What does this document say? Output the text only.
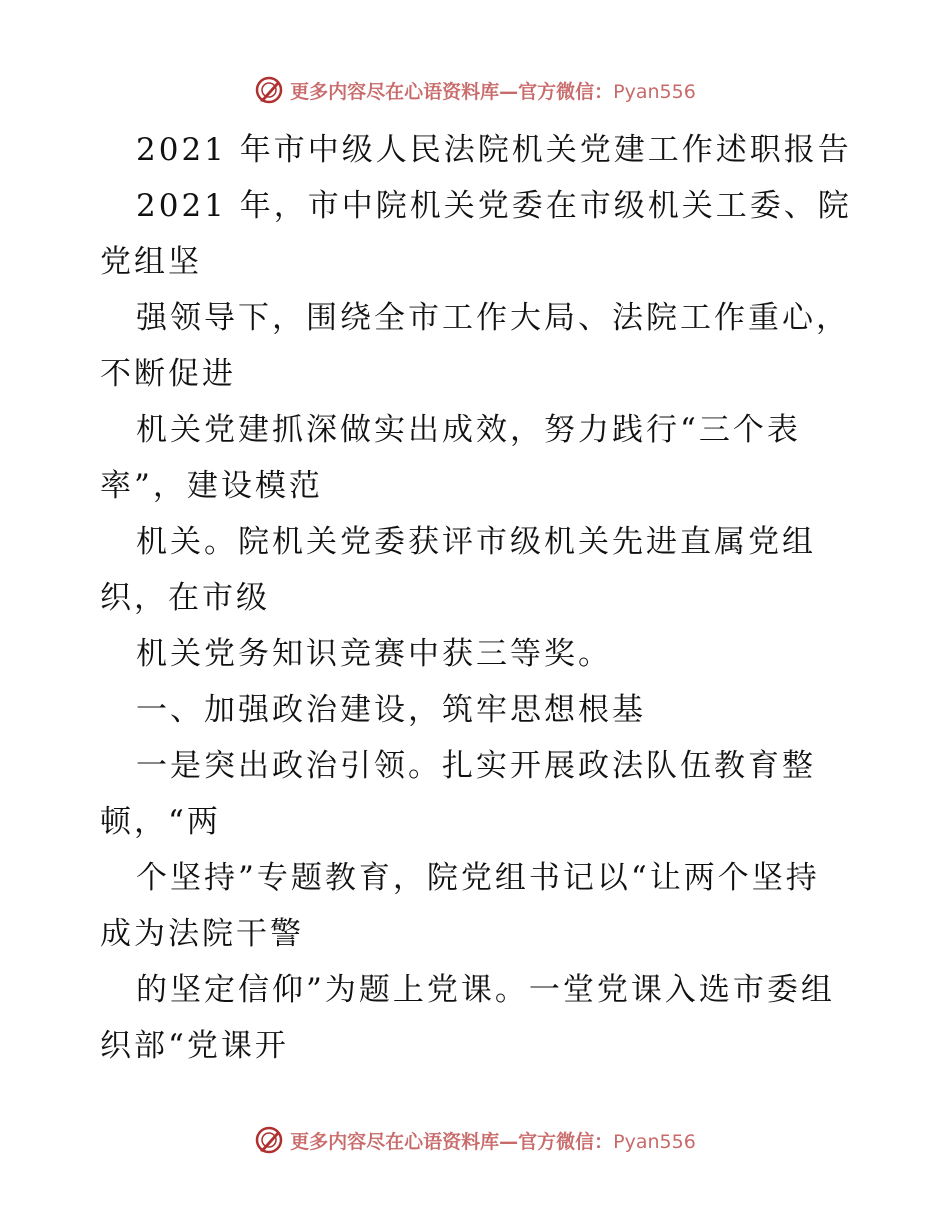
更多内容尽在心语资料库—官方微信：Pyan556
2021 年市中级人民法院机关党建工作述职报告
2021 年，市中院机关党委在市级机关工委、院
党组坚
强领导下，围绕全市工作大局、法院工作重心，
不断促进
机关党建抓深做实出成效，努力践行“三个表
率”，建设模范
机关。院机关党委获评市级机关先进直属党组
织，在市级
机关党务知识竞赛中获三等奖。
一、加强政治建设，筑牢思想根基
一是突出政治引领。扎实开展政法队伍教育整
顿，“两
个坚持”专题教育，院党组书记以“让两个坚持
成为法院干警
的坚定信仰”为题上党课。一堂党课入选市委组
织部“党课开
更多内容尽在心语资料库—官方微信：Pyan556
